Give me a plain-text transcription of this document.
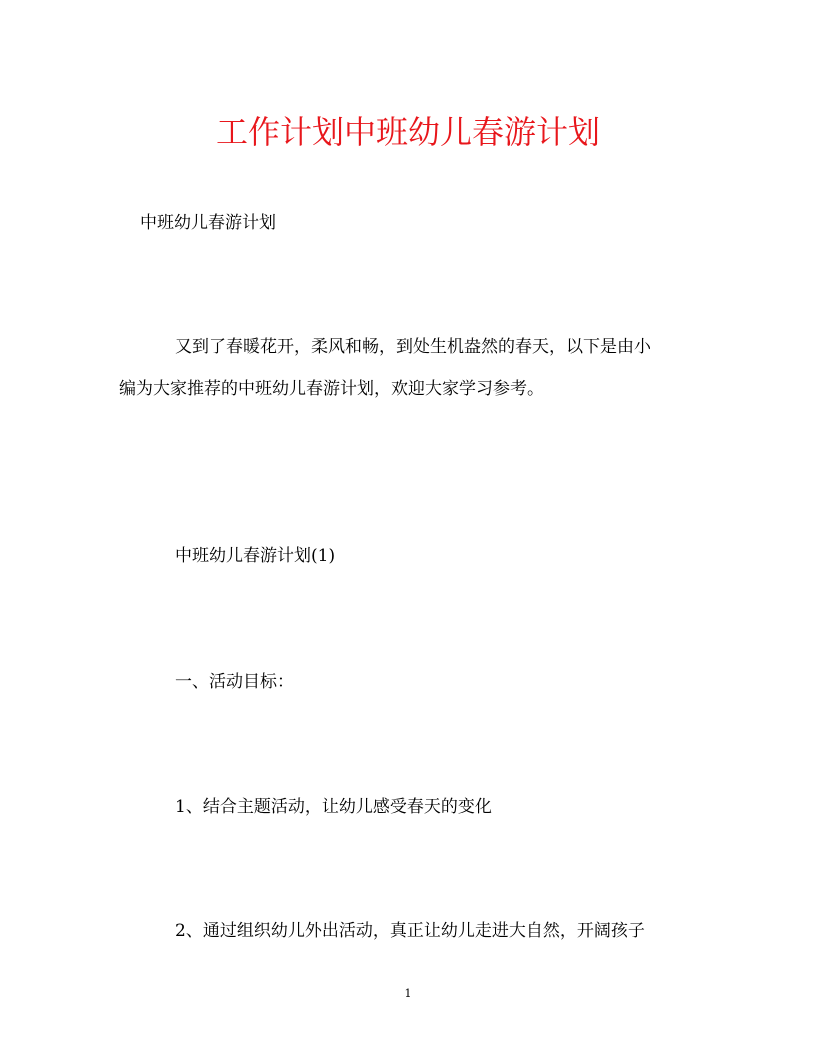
工作计划中班幼儿春游计划
中班幼儿春游计划
又到了春暖花开，柔风和畅，到处生机盎然的春天，以下是由小
编为大家推荐的中班幼儿春游计划，欢迎大家学习参考。
中班幼儿春游计划(1)
一、活动目标：
1、结合主题活动，让幼儿感受春天的变化
2、通过组织幼儿外出活动，真正让幼儿走进大自然，开阔孩子
1
